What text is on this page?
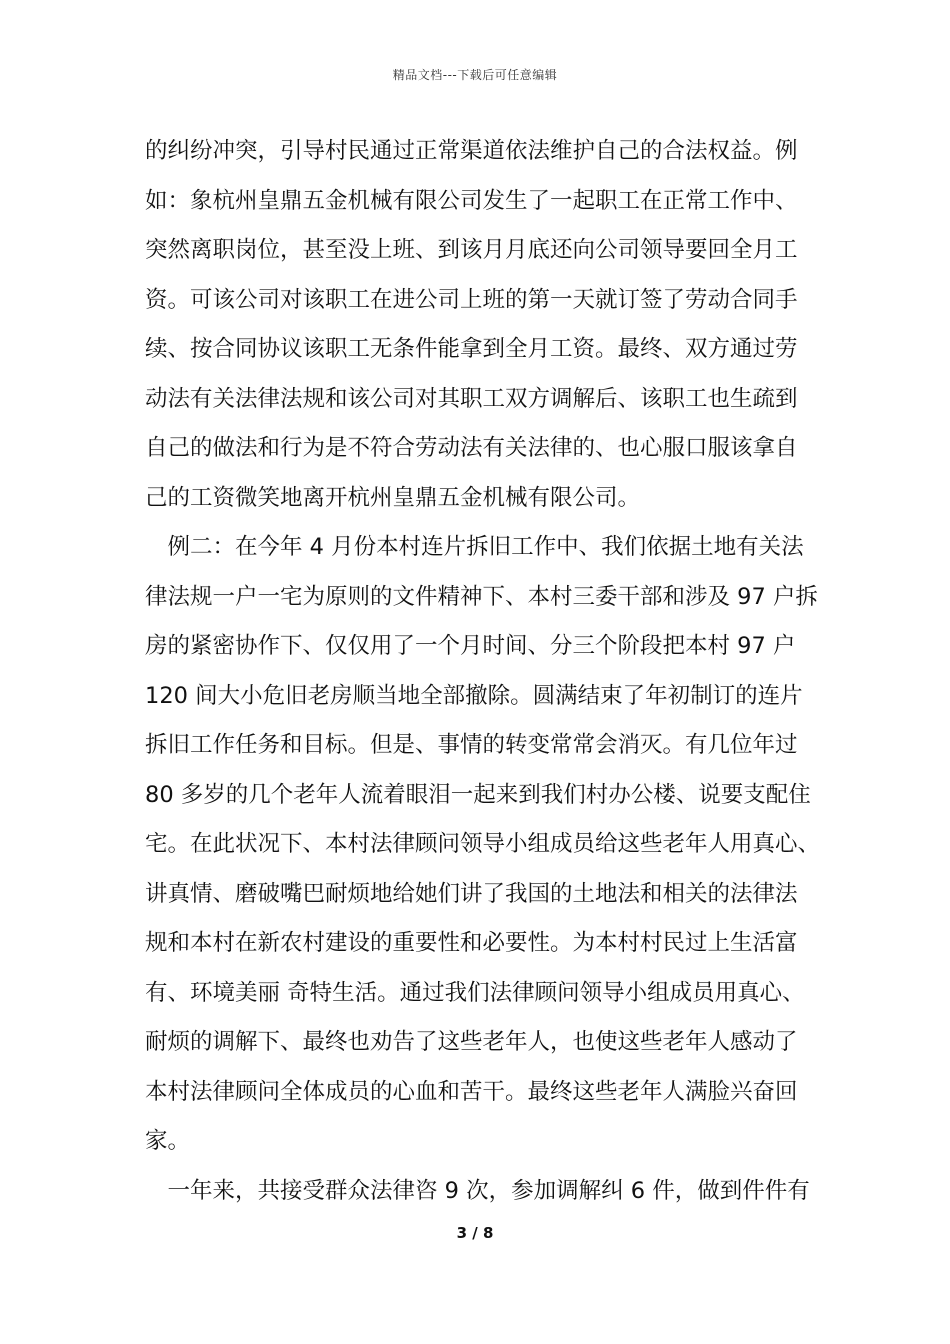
精品文档---下载后可任意编辑
的纠纷冲突，引导村民通过正常渠道依法维护自己的合法权益。例
如：象杭州皇鼎五金机械有限公司发生了一起职工在正常工作中、
突然离职岗位，甚至没上班、到该月月底还向公司领导要回全月工
资。可该公司对该职工在进公司上班的第一天就订签了劳动合同手
续、按合同协议该职工无条件能拿到全月工资。最终、双方通过劳
动法有关法律法规和该公司对其职工双方调解后、该职工也生疏到
自己的做法和行为是不符合劳动法有关法律的、也心服口服该拿自
己的工资微笑地离开杭州皇鼎五金机械有限公司。
　例二：在今年 4 月份本村连片拆旧工作中、我们依据土地有关法
律法规一户一宅为原则的文件精神下、本村三委干部和涉及 97 户拆
房的紧密协作下、仅仅用了一个月时间、分三个阶段把本村 97 户
120 间大小危旧老房顺当地全部撤除。圆满结束了年初制订的连片
拆旧工作任务和目标。但是、事情的转变常常会消灭。有几位年过
80 多岁的几个老年人流着眼泪一起来到我们村办公楼、说要支配住
宅。在此状况下、本村法律顾问领导小组成员给这些老年人用真心、
讲真情、磨破嘴巴耐烦地给她们讲了我国的土地法和相关的法律法
规和本村在新农村建设的重要性和必要性。为本村村民过上生活富
有、环境美丽 奇特生活。通过我们法律顾问领导小组成员用真心、
耐烦的调解下、最终也劝告了这些老年人，也使这些老年人感动了
本村法律顾问全体成员的心血和苦干。最终这些老年人满脸兴奋回
家。
　一年来，共接受群众法律咨 9 次，参加调解纠 6 件，做到件件有
3 / 8
